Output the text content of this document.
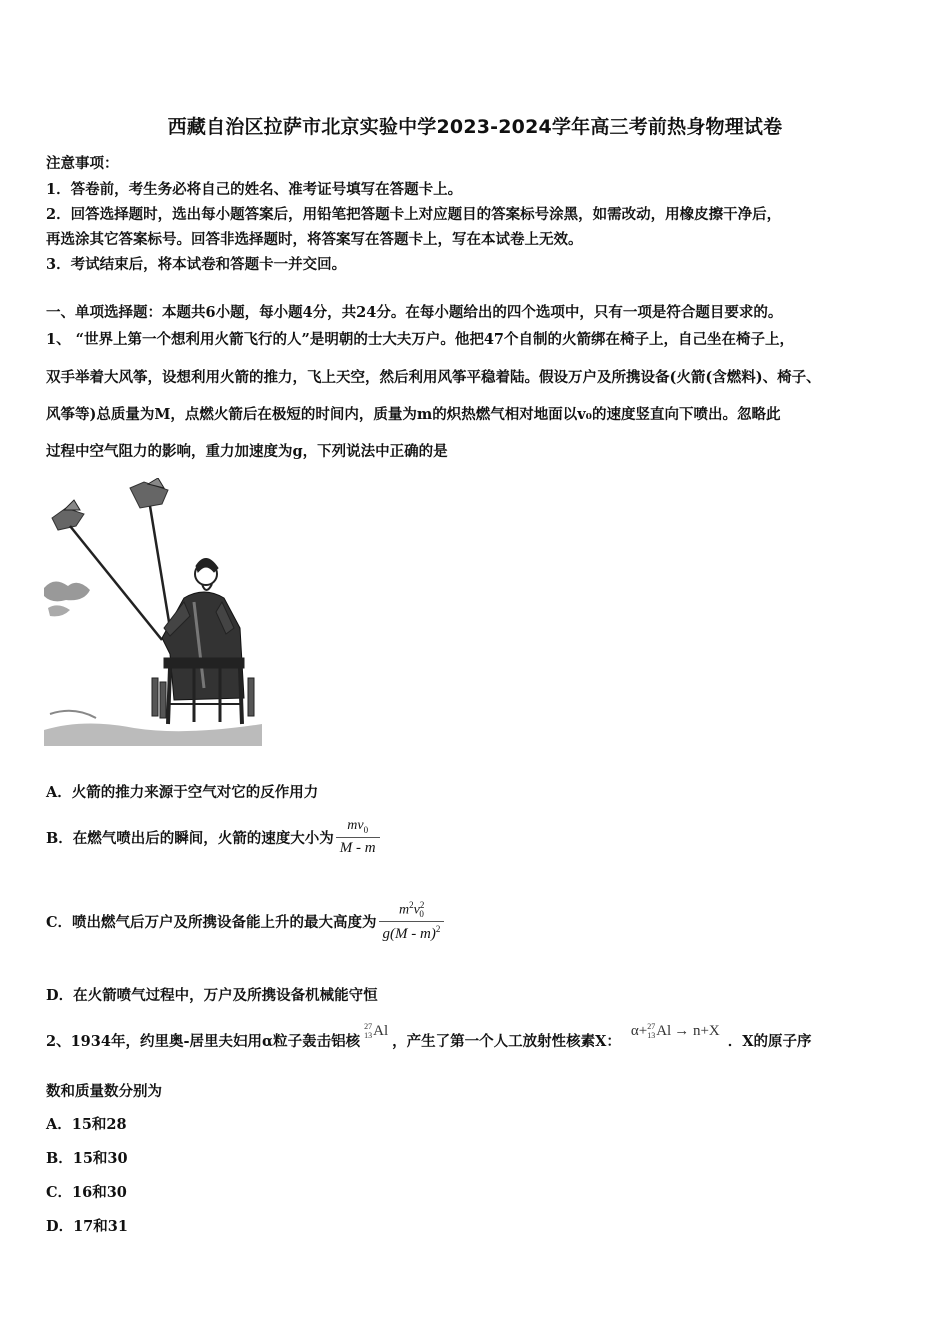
西藏自治区拉萨市北京实验中学2023-2024学年高三考前热身物理试卷
注意事项：
1．答卷前，考生务必将自己的姓名、准考证号填写在答题卡上。
2．回答选择题时，选出每小题答案后，用铅笔把答题卡上对应题目的答案标号涂黑，如需改动，用橡皮擦干净后，
再选涂其它答案标号。回答非选择题时，将答案写在答题卡上，写在本试卷上无效。
3．考试结束后，将本试卷和答题卡一并交回。
一、单项选择题：本题共6小题，每小题4分，共24分。在每小题给出的四个选项中，只有一项是符合题目要求的。
1、 “世界上第一个想利用火箭飞行的人”是明朝的士大夫万户。他把47个自制的火箭绑在椅子上，自己坐在椅子上，
双手举着大风筝，设想利用火箭的推力，飞上天空，然后利用风筝平稳着陆。假设万户及所携设备(火箭(含燃料)、椅子、
风筝等)总质量为M，点燃火箭后在极短的时间内，质量为m的炽热燃气相对地面以v₀的速度竖直向下喷出。忽略此
过程中空气阻力的影响，重力加速度为g，下列说法中正确的是
A．火箭的推力来源于空气对它的反作用力
B．在燃气喷出后的瞬间，火箭的速度大小为 $\frac{mv_0}{M - m}$
C．喷出燃气后万户及所携设备能上升的最大高度为 $\frac{m^2v^2_0}{g(M - m)^2}$
D．在火箭喷气过程中，万户及所携设备机械能守恒
2、1934年，约里奥-居里夫妇用α粒子轰击铝核
27
13 Al
，产生了第一个人工放射性核素X：
α+ 27
13 Al → n+X
．X的原子序
数和质量数分别为
A．15和28
B．15和30
C．16和30
D．17和31
